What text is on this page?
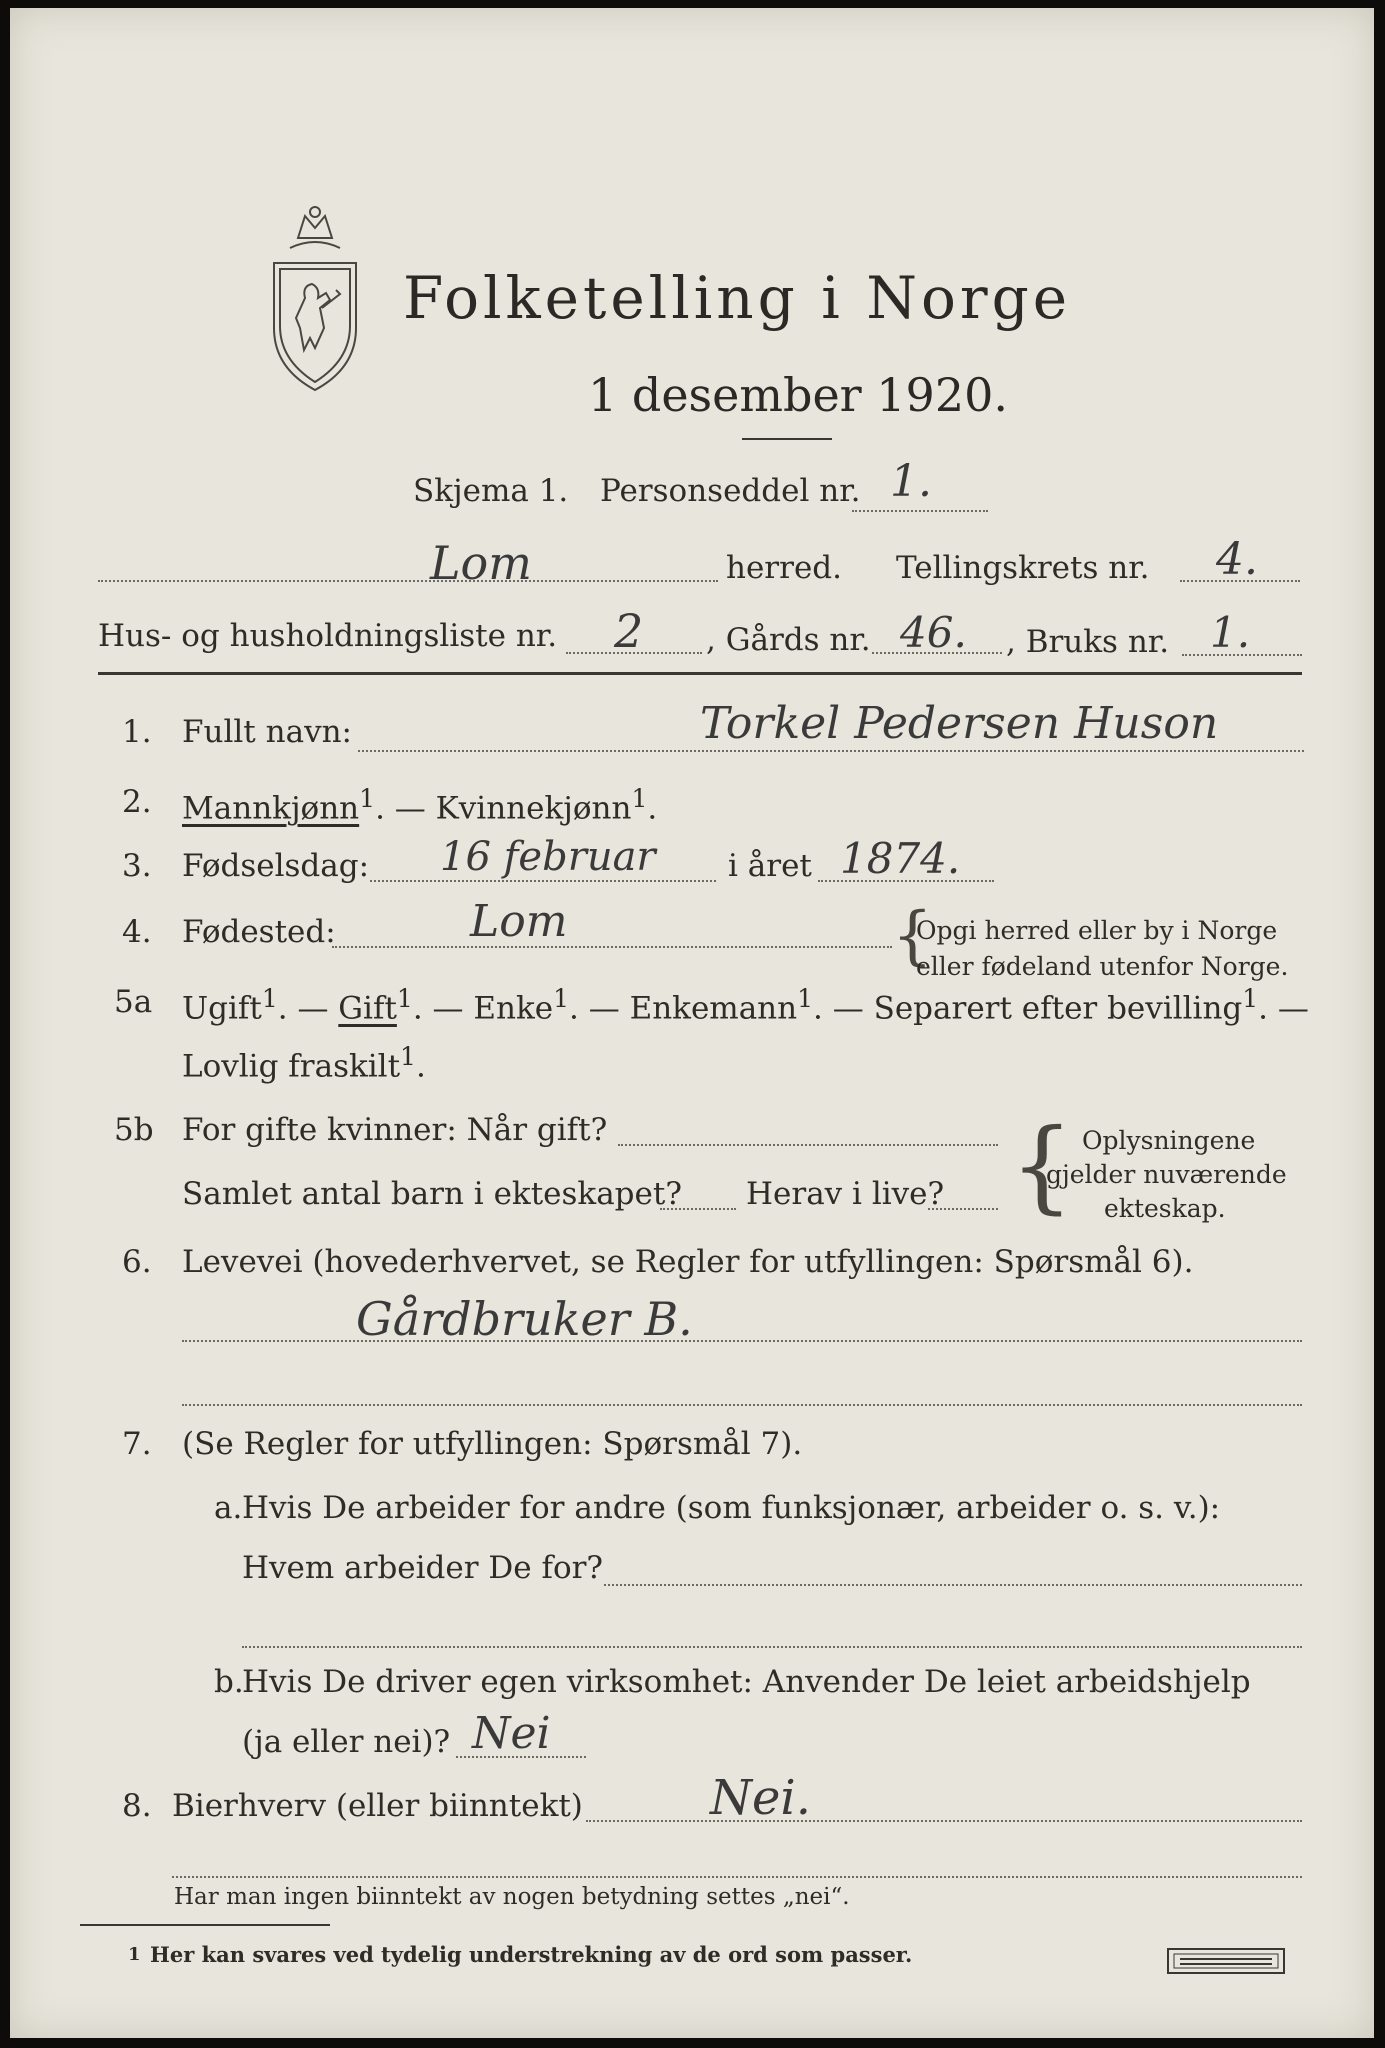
Folketelling i Norge
1 desember 1920.
Skjema 1. Personseddel nr. 1.
Lom	herred. Tellingskrets nr. 4.
Hus- og husholdningsliste nr. 2 , Gårds nr. 46. , Bruks nr. 1.
1. Fullt navn:	Torkel Pedersen Huson
2. Mannkjønn$^1$. — Kvinnekjønn$^1$.
3. Fødselsdag: 16 februar i året 1874.
4. Fødested:	Lom	{
Opgi herred eller by i Norge
eller fødeland utenfor Norge.
5a Ugift$^1$. — Gift$^1$. — Enke$^1$. — Enkemann$^1$. — Separert efter bevilling$^1$. —
Lovlig fraskilt$^1$.
5b For gifte kvinner: Når gift?
Samlet antal barn i ekteskapet? Herav i live? { Oplysningene
gjelder nuværende
ekteskap.
6. Levevei (hovederhvervet, se Regler for utfyllingen: Spørsmål 6).
Gårdbruker B.
7. (Se Regler for utfyllingen: Spørsmål 7).
a. Hvis De arbeider for andre (som funksjonær, arbeider o. s. v.):
Hvem arbeider De for?
b.
Hvis De driver egen virksomhet: Anvender De leiet arbeidshjelp
(ja eller nei)? Nei
8. Bierhverv (eller biinntekt)	Nei.
Har man ingen biinntekt av nogen betydning settes „nei“.
1 Her kan svares ved tydelig understrekning av de ord som passer.
